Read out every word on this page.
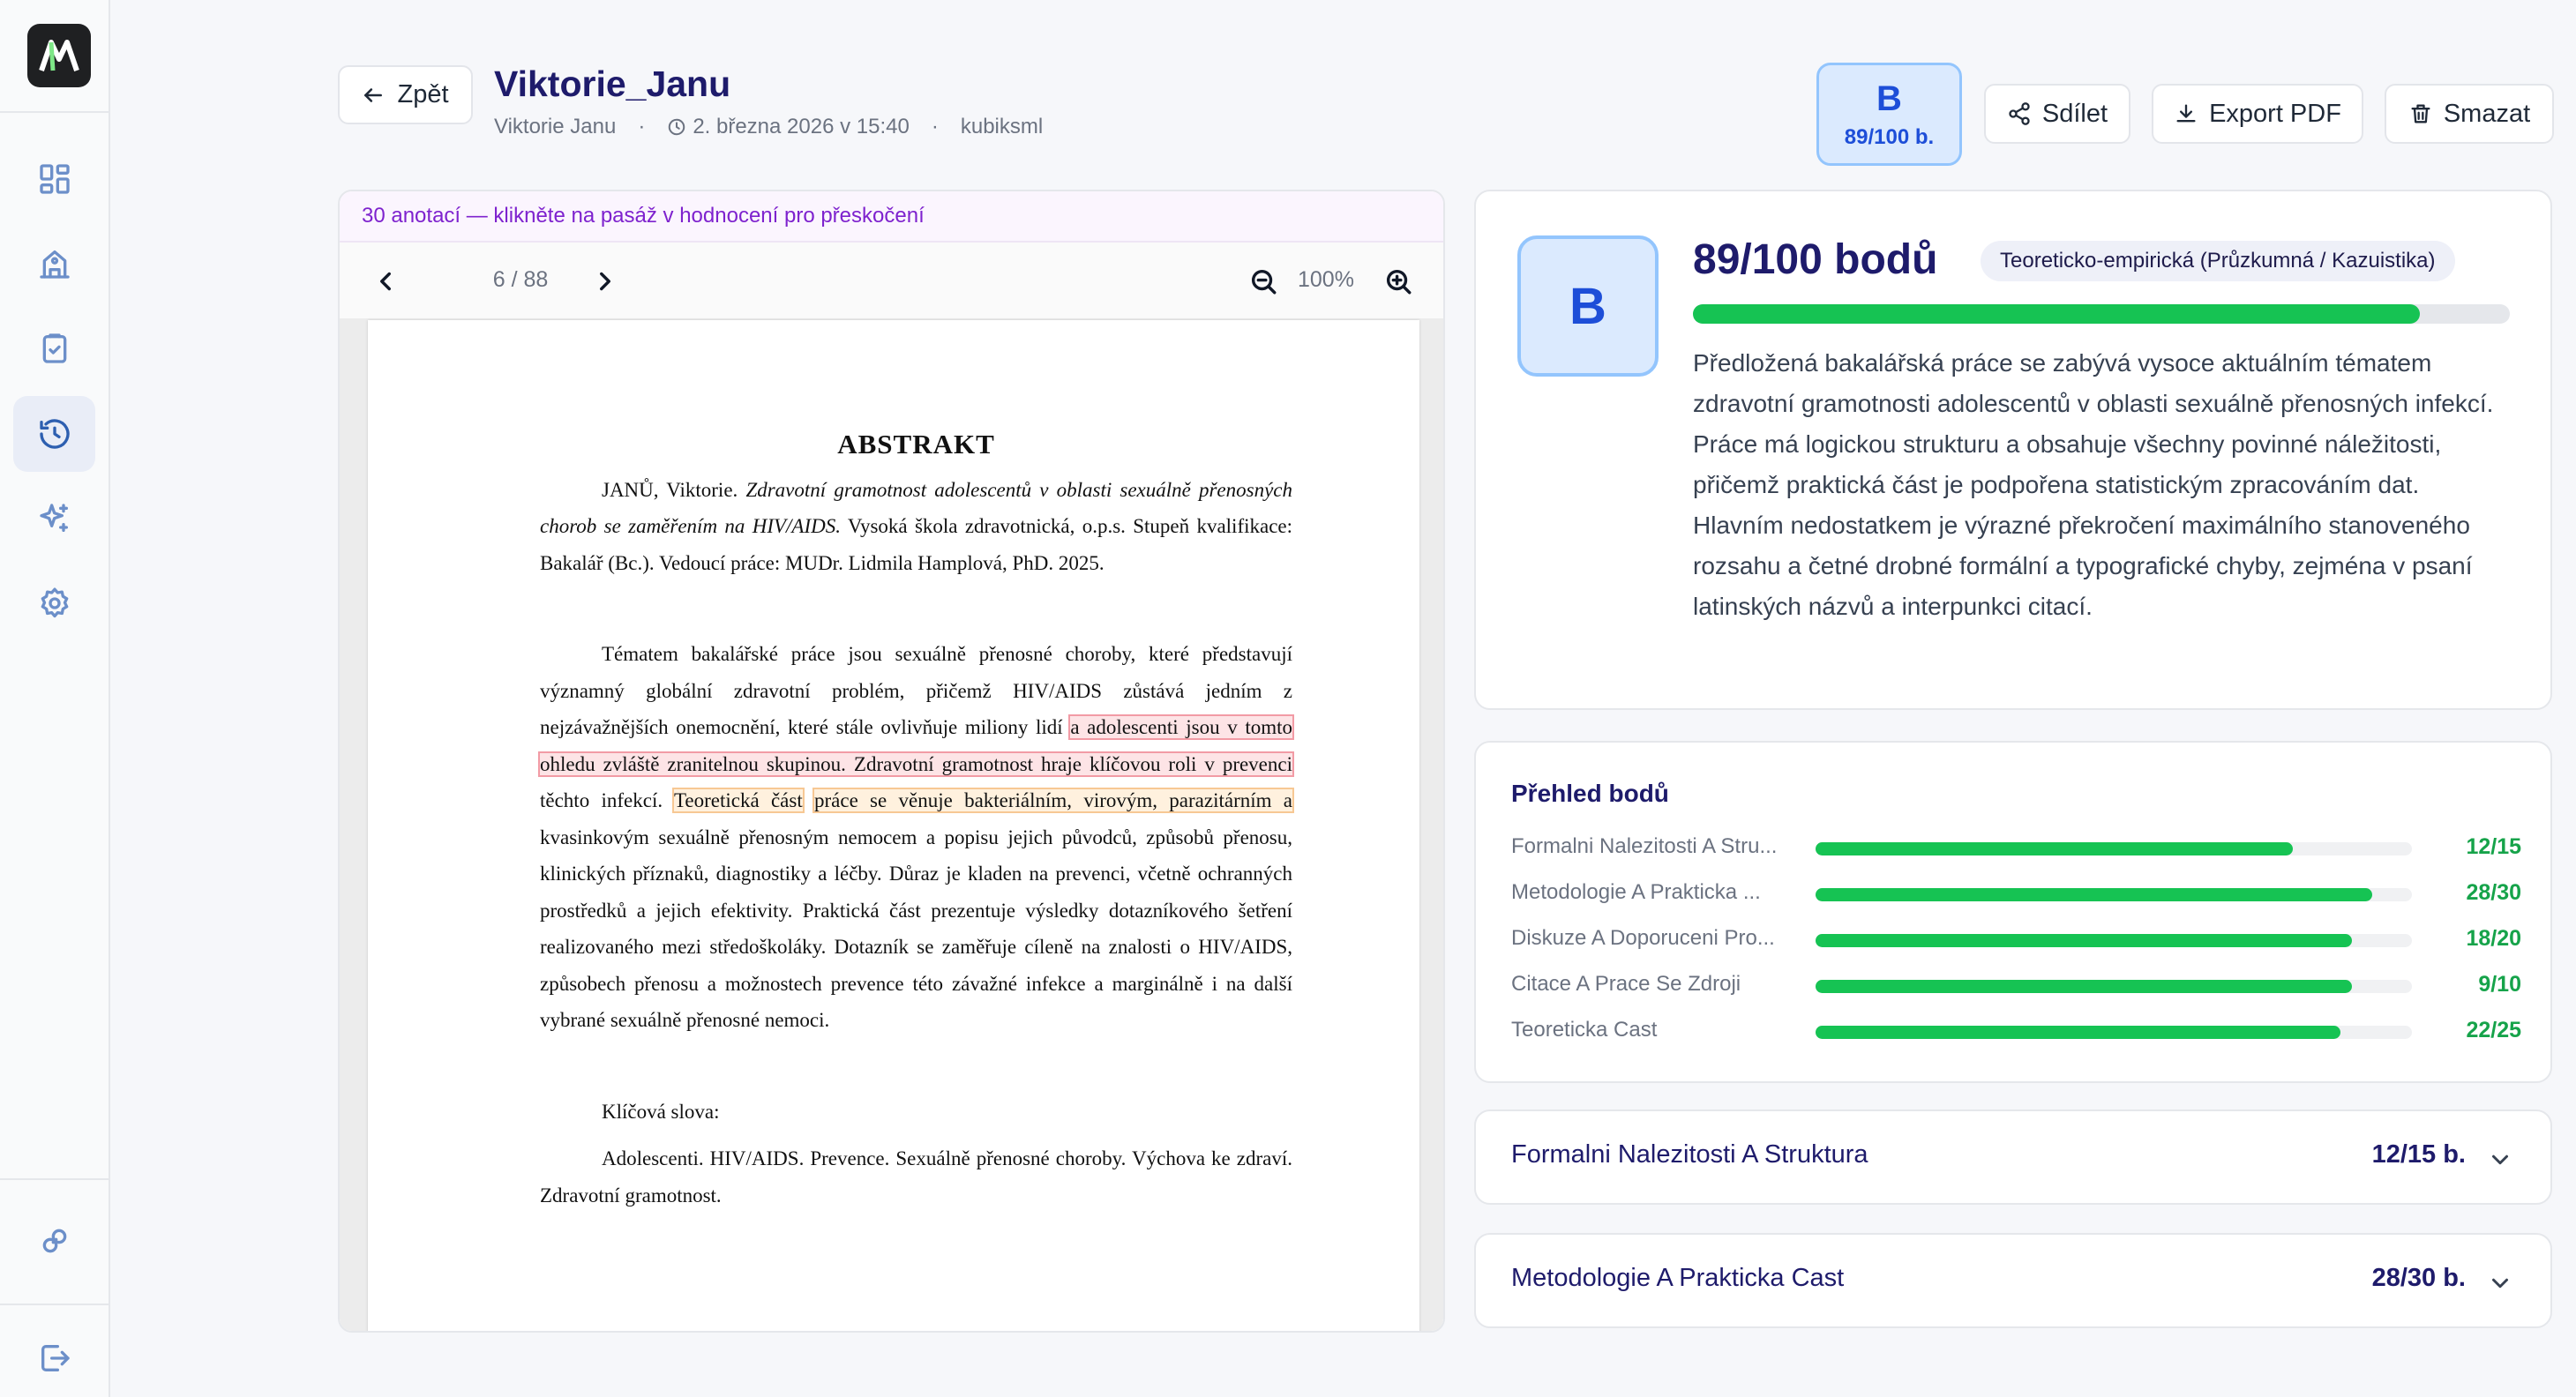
Zpět Viktorie_Janu
Viktorie Janu · 2. března 2026 v 15:40 · kubiksml
B
89/100 b.
Sdílet	Export PDF	Smazat
30 anotací — klikněte na pasáž v hodnocení pro přeskočení
6 / 88	100%
ABSTRAKT

JANŮ, Viktorie. Zdravotní gramotnost adolescentů v oblasti sexuálně přenosných chorob se zaměřením na HIV/AIDS. Vysoká škola zdravotnická, o.p.s. Stupeň kvalifikace: Bakalář (Bc.). Vedoucí práce: MUDr. Lidmila Hamplová, PhD. 2025.

Tématem bakalářské práce jsou sexuálně přenosné choroby, které představují významný globální zdravotní problém, přičemž HIV/AIDS zůstává jedním z nejzávažnějších onemocnění, které stále ovlivňuje miliony lidí a adolescenti jsou v tomto ohledu zvláště zranitelnou skupinou. Zdravotní gramotnost hraje klíčovou roli v prevenci těchto infekcí. Teoretická část práce se věnuje bakteriálním, virovým, parazitárním a kvasinkovým sexuálně přenosným nemocem a popisu jejich původců, způsobů přenosu, klinických příznaků, diagnostiky a léčby. Důraz je kladen na prevenci, včetně ochranných prostředků a jejich efektivity. Praktická část prezentuje výsledky dotazníkového šetření realizovaného mezi středoškoláky. Dotazník se zaměřuje cíleně na znalosti o HIV/AIDS, způsobech přenosu a možnostech prevence této závažné infekce a marginálně i na další vybrané sexuálně přenosné nemoci.

Klíčová slova:

Adolescenti. HIV/AIDS. Prevence. Sexuálně přenosné choroby. Výchova ke zdraví. Zdravotní gramotnost.

B
89/100 bodů	Teoreticko-empirická (Průzkumná / Kazuistika)
Předložená bakalářská práce se zabývá vysoce aktuálním tématem zdravotní gramotnosti adolescentů v oblasti sexuálně přenosných infekcí. Práce má logickou strukturu a obsahuje všechny povinné náležitosti, přičemž praktická část je podpořena statistickým zpracováním dat. Hlavním nedostatkem je výrazné překročení maximálního stanoveného rozsahu a četné drobné formální a typografické chyby, zejména v psaní latinských názvů a interpunkci citací.
Přehled bodů
Formalni Nalezitosti A Stru...	12/15
Metodologie A Prakticka ...	28/30
Diskuze A Doporuceni Pro...	18/20
Citace A Prace Se Zdroji	9/10
Teoreticka Cast	22/25
Formalni Nalezitosti A Struktura	12/15 b.
Metodologie A Prakticka Cast	28/30 b.
